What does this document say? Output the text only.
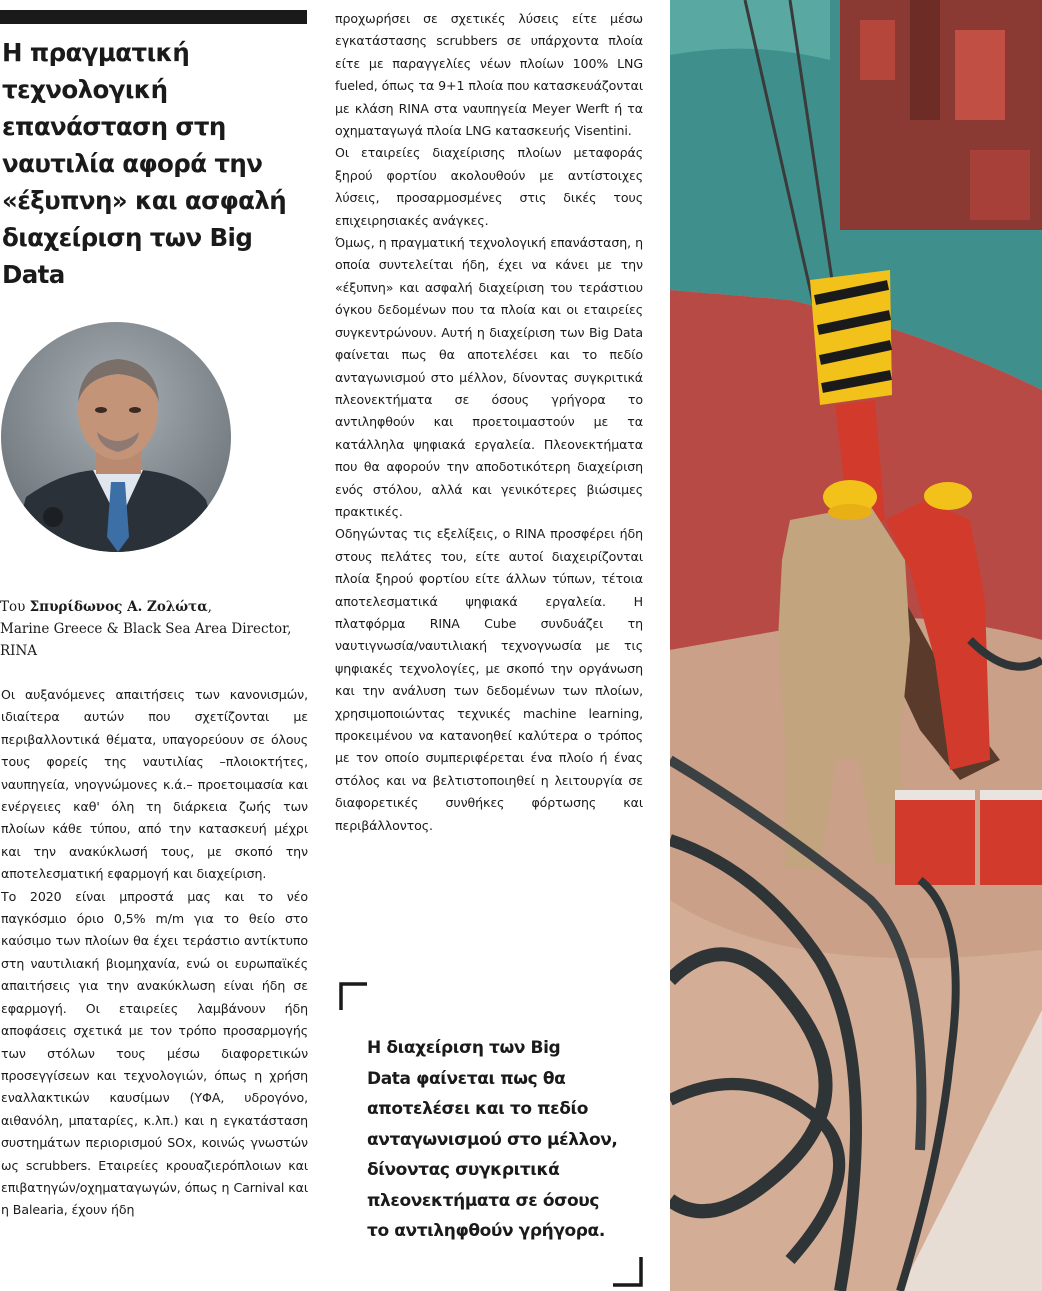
Η πραγματική
τεχνολογική
επανάσταση στη
ναυτιλία αφορά την
«έξυπνη» και ασφαλή
διαχείριση των Big Data
Του Σπυρίδωνος Α. Ζολώτα,
Marine Greece & Black Sea Area Director, RINA

Οι αυξανόμενες απαιτήσεις των κανονισμών, ιδιαίτερα αυτών που σχετίζονται με περιβαλλοντικά θέματα, υπαγορεύουν σε όλους τους φορείς της ναυτιλίας –πλοιοκτήτες, ναυπηγεία, νηογνώμονες κ.ά.– προετοιμασία και ενέργειες καθ' όλη τη διάρκεια ζωής των πλοίων κάθε τύπου, από την κατασκευή μέχρι και την ανακύκλωσή τους, με σκοπό την αποτελεσματική εφαρμογή και διαχείριση.

Το 2020 είναι μπροστά μας και το νέο παγκόσμιο όριο 0,5% m/m για το θείο στο καύσιμο των πλοίων θα έχει τεράστιο αντίκτυπο στη ναυτιλιακή βιομηχανία, ενώ οι ευρωπαϊκές απαιτήσεις για την ανακύκλωση είναι ήδη σε εφαρμογή. Οι εταιρείες λαμβάνουν ήδη αποφάσεις σχετικά με τον τρόπο προσαρμογής των στόλων τους μέσω διαφορετικών προσεγγίσεων και τεχνολογιών, όπως η χρήση εναλλακτικών καυσίμων (ΥΦΑ, υδρογόνο, αιθανόλη, μπαταρίες, κ.λπ.) και η εγκατάσταση συστημάτων περιορισμού SOx, κοινώς γνωστών ως scrubbers. Εταιρείες κρουαζιερόπλοιων και επιβατηγών/οχηματαγωγών, όπως η Carnival και η Balearia, έχουν ήδη

προχωρήσει σε σχετικές λύσεις είτε μέσω εγκατάστασης scrubbers σε υπάρχοντα πλοία είτε με παραγγελίες νέων πλοίων 100% LNG fueled, όπως τα 9+1 πλοία που κατασκευάζονται με κλάση RINA στα ναυπηγεία Meyer Werft ή τα οχηματαγωγά πλοία LNG κατασκευής Visentini.

Οι εταιρείες διαχείρισης πλοίων μεταφοράς ξηρού φορτίου ακολουθούν με αντίστοιχες λύσεις, προσαρμοσμένες στις δικές τους επιχειρησιακές ανάγκες.

Όμως, η πραγματική τεχνολογική επανάσταση, η οποία συντελείται ήδη, έχει να κάνει με την «έξυπνη» και ασφαλή διαχείριση του τεράστιου όγκου δεδομένων που τα πλοία και οι εταιρείες συγκεντρώνουν. Αυτή η διαχείριση των Big Data φαίνεται πως θα αποτελέσει και το πεδίο ανταγωνισμού στο μέλλον, δίνοντας συγκριτικά πλεονεκτήματα σε όσους γρήγορα το αντιληφθούν και προετοιμαστούν με τα κατάλληλα ψηφιακά εργαλεία. Πλεονεκτήματα που θα αφορούν την αποδοτικότερη διαχείριση ενός στόλου, αλλά και γενικότερες βιώσιμες πρακτικές.

Οδηγώντας τις εξελίξεις, ο RINA προσφέρει ήδη στους πελάτες του, είτε αυτοί διαχειρίζονται πλοία ξηρού φορτίου είτε άλλων τύπων, τέτοια αποτελεσματικά ψηφιακά εργαλεία. Η πλατφόρμα RINA Cube συνδυάζει τη ναυτιγνωσία/ναυτιλιακή τεχνογνωσία με τις ψηφιακές τεχνολογίες, με σκοπό την οργάνωση και την ανάλυση των δεδομένων των πλοίων, χρησιμοποιώντας τεχνικές machine learning, προκειμένου να κατανοηθεί καλύτερα ο τρόπος με τον οποίο συμπεριφέρεται ένα πλοίο ή ένας στόλος και να βελτιστοποιηθεί η λειτουργία σε διαφορετικές συνθήκες φόρτωσης και περιβάλλοντος.

Η διαχείριση των Big
Data φαίνεται πως θα
αποτελέσει και το πεδίο
ανταγωνισμού στο μέλλον,
δίνοντας συγκριτικά
πλεονεκτήματα σε όσους
το αντιληφθούν γρήγορα.
